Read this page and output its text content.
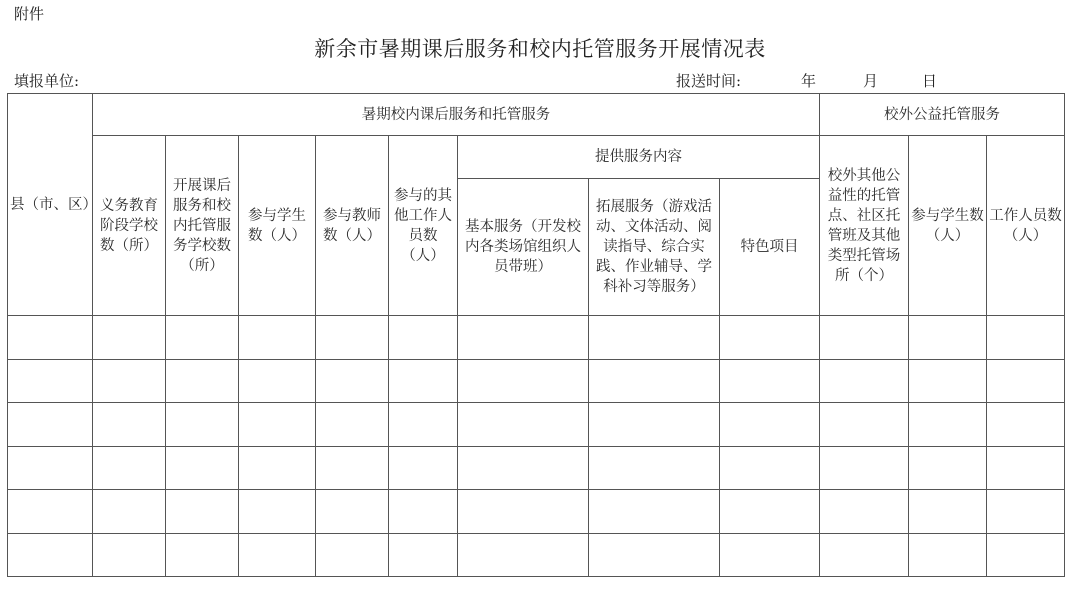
附件
新余市暑期课后服务和校内托管服务开展情况表
填报单位:	报送时间:	年	月	日
县（市、区）	暑期校内课后服务和托管服务								校外公益托管服务		
	义务教育阶段学校数（所）	开展课后服务和校内托管服务学校数（所）	参与学生数（人）	参与教师数（人）	参与的其他工作人员数（人）	提供服务内容			校外其他公益性的托管点、社区托管班及其他类型托管场所（个）	参与学生数（人）	工作人员数（人）
						基本服务（开发校内各类场馆组织人员带班）	拓展服务（游戏活动、文体活动、阅读指导、综合实践、作业辅导、学科补习等服务）	特色项目			
